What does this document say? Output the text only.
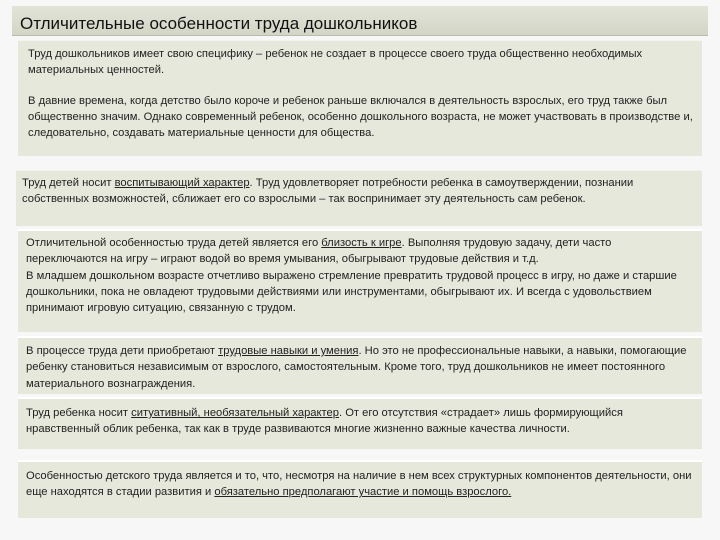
Отличительные особенности труда дошкольников

Труд дошкольников имеет свою специфику – ребенок не создает в процессе своего труда общественно необходимых материальных ценностей.

В давние времена, когда детство было короче и ребенок раньше включался в деятельность взрослых, его труд также был общественно значим. Однако современный ребенок, особенно дошкольного возраста, не может участвовать в производстве и, следовательно, создавать материальные ценности для общества.

Труд детей носит воспитывающий характер. Труд удовлетворяет потребности ребенка в самоутверждении, познании собственных возможностей, сближает его со взрослыми – так воспринимает эту деятельность сам ребенок.

Отличительной особенностью труда детей является его близость к игре. Выполняя трудовую задачу, дети часто переключаются на игру – играют водой во время умывания, обыгрывают трудовые действия и т.д.

В младшем дошкольном возрасте отчетливо выражено стремление превратить трудовой процесс в игру, но даже и старшие дошкольники, пока не овладеют трудовыми действиями или инструментами, обыгрывают их. И всегда с удовольствием принимают игровую ситуацию, связанную с трудом.

В процессе труда дети приобретают трудовые навыки и умения. Но это не профессиональные навыки, а навыки, помогающие ребенку становиться независимым от взрослого, самостоятельным. Кроме того, труд дошкольников не имеет постоянного материального вознаграждения.

Труд ребенка носит ситуативный, необязательный характер. От его отсутствия «страдает» лишь формирующийся нравственный облик ребенка, так как в труде развиваются многие жизненно важные качества личности.

Особенностью детского труда является и то, что, несмотря на наличие в нем всех структурных компонентов деятельности, они еще находятся в стадии развития и обязательно предполагают участие и помощь взрослого.
